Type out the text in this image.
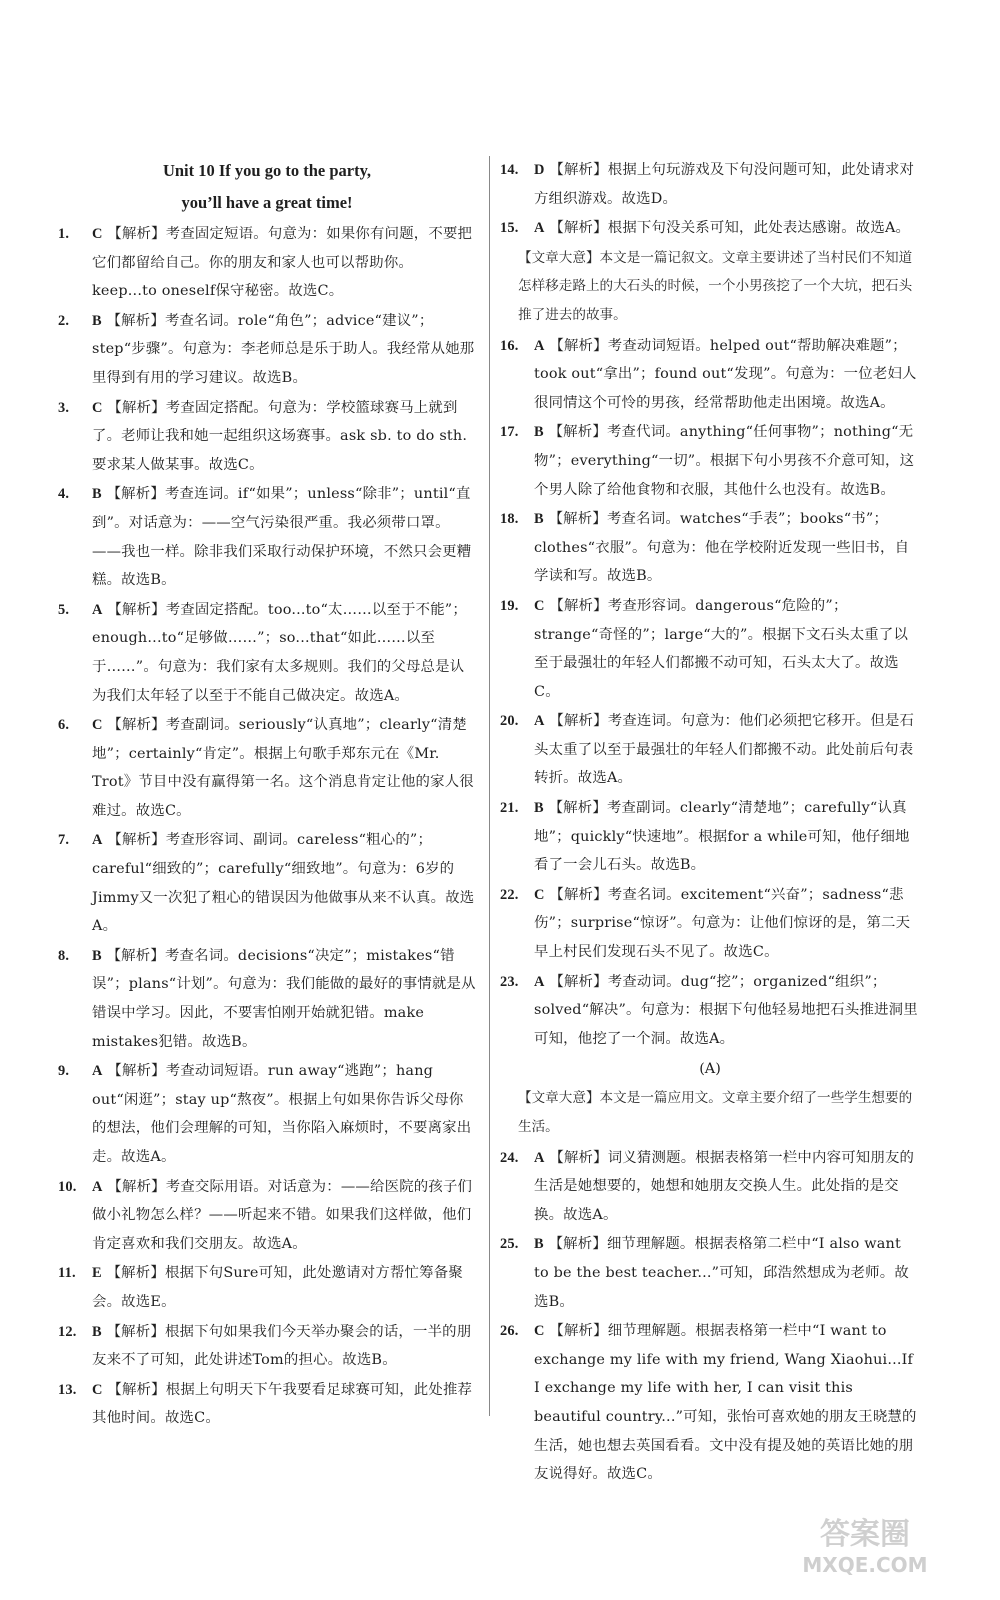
Unit 10 If you go to the party,
you’ll have a great time!
1. C 【解析】考查固定短语。句意为：如果你有问题，不要把它们都留给自己。你的朋友和家人也可以帮助你。keep...to oneself保守秘密。故选C。
2. B 【解析】考查名词。role“角色”；advice“建议”；step“步骤”。句意为：李老师总是乐于助人。我经常从她那里得到有用的学习建议。故选B。
3. C 【解析】考查固定搭配。句意为：学校篮球赛马上就到了。老师让我和她一起组织这场赛事。ask sb. to do sth. 要求某人做某事。故选C。
4. B 【解析】考查连词。if“如果”；unless“除非”；until“直到”。对话意为：——空气污染很严重。我必须带口罩。——我也一样。除非我们采取行动保护环境，不然只会更糟糕。故选B。
5. A 【解析】考查固定搭配。too...to“太……以至于不能”；enough...to“足够做……”；so...that“如此……以至于……”。句意为：我们家有太多规则。我们的父母总是认为我们太年轻了以至于不能自己做决定。故选A。
6. C 【解析】考查副词。seriously“认真地”；clearly“清楚地”；certainly“肯定”。根据上句歌手郑东元在《Mr. Trot》节目中没有赢得第一名。这个消息肯定让他的家人很难过。故选C。
7. A 【解析】考查形容词、副词。careless“粗心的”；careful“细致的”；carefully“细致地”。句意为：6岁的Jimmy又一次犯了粗心的错误因为他做事从来不认真。故选A。
8. B 【解析】考查名词。decisions“决定”；mistakes“错误”；plans“计划”。句意为：我们能做的最好的事情就是从错误中学习。因此，不要害怕刚开始就犯错。make mistakes犯错。故选B。
9. A 【解析】考查动词短语。run away“逃跑”；hang out“闲逛”；stay up“熬夜”。根据上句如果你告诉父母你的想法，他们会理解的可知，当你陷入麻烦时，不要离家出走。故选A。
10. A 【解析】考查交际用语。对话意为：——给医院的孩子们做小礼物怎么样？——听起来不错。如果我们这样做，他们肯定喜欢和我们交朋友。故选A。
11. E 【解析】根据下句Sure可知，此处邀请对方帮忙筹备聚会。故选E。
12. B 【解析】根据下句如果我们今天举办聚会的话，一半的朋友来不了可知，此处讲述Tom的担心。故选B。
13. C 【解析】根据上句明天下午我要看足球赛可知，此处推荐其他时间。故选C。
14. D 【解析】根据上句玩游戏及下句没问题可知，此处请求对方组织游戏。故选D。
15. A 【解析】根据下句没关系可知，此处表达感谢。故选A。
【文章大意】本文是一篇记叙文。文章主要讲述了当村民们不知道怎样移走路上的大石头的时候，一个小男孩挖了一个大坑，把石头推了进去的故事。
16. A 【解析】考查动词短语。helped out“帮助解决难题”；took out“拿出”；found out“发现”。句意为：一位老妇人很同情这个可怜的男孩，经常帮助他走出困境。故选A。
17. B 【解析】考查代词。anything“任何事物”；nothing“无物”；everything“一切”。根据下句小男孩不介意可知，这个男人除了给他食物和衣服，其他什么也没有。故选B。
18. B 【解析】考查名词。watches“手表”；books“书”；clothes“衣服”。句意为：他在学校附近发现一些旧书，自学读和写。故选B。
19. C 【解析】考查形容词。dangerous“危险的”；strange“奇怪的”；large“大的”。根据下文石头太重了以至于最强壮的年轻人们都搬不动可知，石头太大了。故选C。
20. A 【解析】考查连词。句意为：他们必须把它移开。但是石头太重了以至于最强壮的年轻人们都搬不动。此处前后句表转折。故选A。
21. B 【解析】考查副词。clearly“清楚地”；carefully“认真地”；quickly“快速地”。根据for a while可知，他仔细地看了一会儿石头。故选B。
22. C 【解析】考查名词。excitement“兴奋”；sadness“悲伤”；surprise“惊讶”。句意为：让他们惊讶的是，第二天早上村民们发现石头不见了。故选C。
23. A 【解析】考查动词。dug“挖”；organized“组织”；solved“解决”。句意为：根据下句他轻易地把石头推进洞里可知，他挖了一个洞。故选A。
(A)
【文章大意】本文是一篇应用文。文章主要介绍了一些学生想要的生活。
24. A 【解析】词义猜测题。根据表格第一栏中内容可知朋友的生活是她想要的，她想和她朋友交换人生。此处指的是交换。故选A。
25. B 【解析】细节理解题。根据表格第二栏中“I also want to be the best teacher...”可知，邱浩然想成为老师。故选B。
26. C 【解析】细节理解题。根据表格第一栏中“I want to exchange my life with my friend, Wang Xiaohui...If I exchange my life with her, I can visit this beautiful country...”可知，张怡可喜欢她的朋友王晓慧的生活，她也想去英国看看。文中没有提及她的英语比她的朋友说得好。故选C。
答案圈
MXQE.COM
